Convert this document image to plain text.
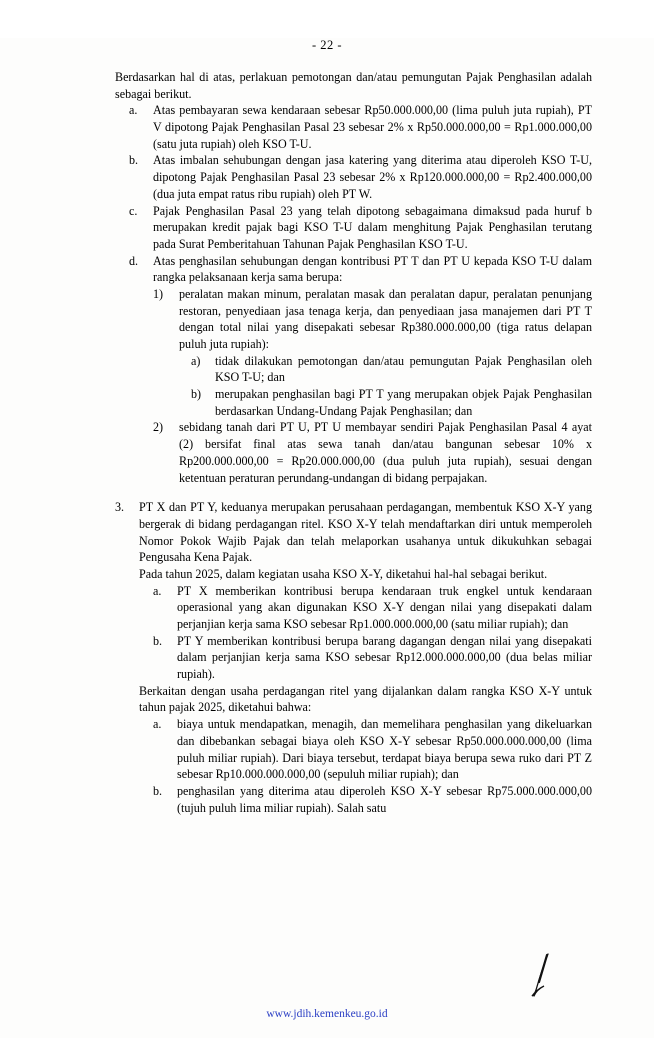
- 22 -

Berdasarkan hal di atas, perlakuan pemotongan dan/atau pemungutan Pajak Penghasilan adalah sebagai berikut.

a.	Atas pembayaran sewa kendaraan sebesar Rp50.000.000,00 (lima puluh juta rupiah), PT V dipotong Pajak Penghasilan Pasal 23 sebesar 2% x Rp50.000.000,00 = Rp1.000.000,00 (satu juta rupiah) oleh KSO T-U.
b.	Atas imbalan sehubungan dengan jasa katering yang diterima atau diperoleh KSO T-U, dipotong Pajak Penghasilan Pasal 23 sebesar 2% x Rp120.000.000,00 = Rp2.400.000,00 (dua juta empat ratus ribu rupiah) oleh PT W.
c.	Pajak Penghasilan Pasal 23 yang telah dipotong sebagaimana dimaksud pada huruf b merupakan kredit pajak bagi KSO T-U dalam menghitung Pajak Penghasilan terutang pada Surat Pemberitahuan Tahunan Pajak Penghasilan KSO T-U.
d.	Atas penghasilan sehubungan dengan kontribusi PT T dan PT U kepada KSO T-U dalam rangka pelaksanaan kerja sama berupa:
1)	peralatan makan minum, peralatan masak dan peralatan dapur, peralatan penunjang restoran, penyediaan jasa tenaga kerja, dan penyediaan jasa manajemen dari PT T dengan total nilai yang disepakati sebesar Rp380.000.000,00 (tiga ratus delapan puluh juta rupiah):
a)	tidak dilakukan pemotongan dan/atau pemungutan Pajak Penghasilan oleh KSO T-U; dan
b)	merupakan penghasilan bagi PT T yang merupakan objek Pajak Penghasilan berdasarkan Undang-Undang Pajak Penghasilan; dan
2)	sebidang tanah dari PT U, PT U membayar sendiri Pajak Penghasilan Pasal 4 ayat (2) bersifat final atas sewa tanah dan/atau bangunan sebesar 10% x Rp200.000.000,00 = Rp20.000.000,00 (dua puluh juta rupiah), sesuai dengan ketentuan peraturan perundang-undangan di bidang perpajakan.
3.	PT X dan PT Y, keduanya merupakan perusahaan perdagangan, membentuk KSO X-Y yang bergerak di bidang perdagangan ritel. KSO X-Y telah mendaftarkan diri untuk memperoleh Nomor Pokok Wajib Pajak dan telah melaporkan usahanya untuk dikukuhkan sebagai Pengusaha Kena Pajak.

Pada tahun 2025, dalam kegiatan usaha KSO X-Y, diketahui hal-hal sebagai berikut.

a.	PT X memberikan kontribusi berupa kendaraan truk engkel untuk kendaraan operasional yang akan digunakan KSO X-Y dengan nilai yang disepakati dalam perjanjian kerja sama KSO sebesar Rp1.000.000.000,00 (satu miliar rupiah); dan
b.	PT Y memberikan kontribusi berupa barang dagangan dengan nilai yang disepakati dalam perjanjian kerja sama KSO sebesar Rp12.000.000.000,00 (dua belas miliar rupiah).

Berkaitan dengan usaha perdagangan ritel yang dijalankan dalam rangka KSO X-Y untuk tahun pajak 2025, diketahui bahwa:

a.	biaya untuk mendapatkan, menagih, dan memelihara penghasilan yang dikeluarkan dan dibebankan sebagai biaya oleh KSO X-Y sebesar Rp50.000.000.000,00 (lima puluh miliar rupiah). Dari biaya tersebut, terdapat biaya berupa sewa ruko dari PT Z sebesar Rp10.000.000.000,00 (sepuluh miliar rupiah); dan
b.	penghasilan yang diterima atau diperoleh KSO X-Y sebesar Rp75.000.000.000,00 (tujuh puluh lima miliar rupiah). Salah satu
www.jdih.kemenkeu.go.id
